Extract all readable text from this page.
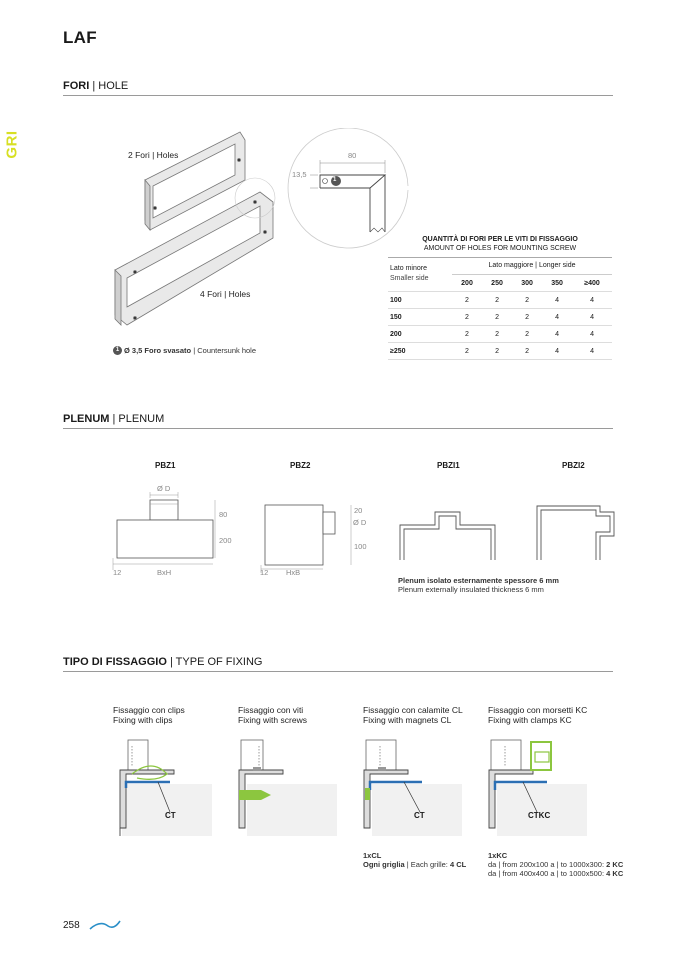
LAF
GRI
FORI | HOLE
2 Fori | Holes
4 Fori | Holes
80
13,5
1
1 Ø 3,5 Foro svasato | Countersunk hole
QUANTITÀ DI FORI PER LE VITI DI FISSAGGIO
AMOUNT OF HOLES FOR MOUNTING SCREW
Lato minore
Smaller side
Lato maggiore | Longer side
	200	250	300	350	≥400
100	2	2	2	4	4
150	2	2	2	4	4
200	2	2	2	4	4
≥250	2	2	2	4	4
PLENUM | PLENUM
PBZ1	PBZ2	PBZI1	PBZI2
Ø D
80
200
12	BxH
20
Ø D
100
12 HxB
Plenum isolato esternamente spessore 6 mm
Plenum externally insulated thickness 6 mm
TIPO DI FISSAGGIO | TYPE OF FIXING
Fissaggio con clips
Fixing with clips
Fissaggio con viti
Fixing with screws
Fissaggio con calamite CL
Fixing with magnets CL
Fissaggio con morsetti KC
Fixing with clamps KC
CT	CT	CTKC
1xCL
Ogni griglia | Each grille: 4 CL
1xKC
da | from 200x100 a | to 1000x300: 2 KC
da | from 400x400 a | to 1000x500: 4 KC
258
